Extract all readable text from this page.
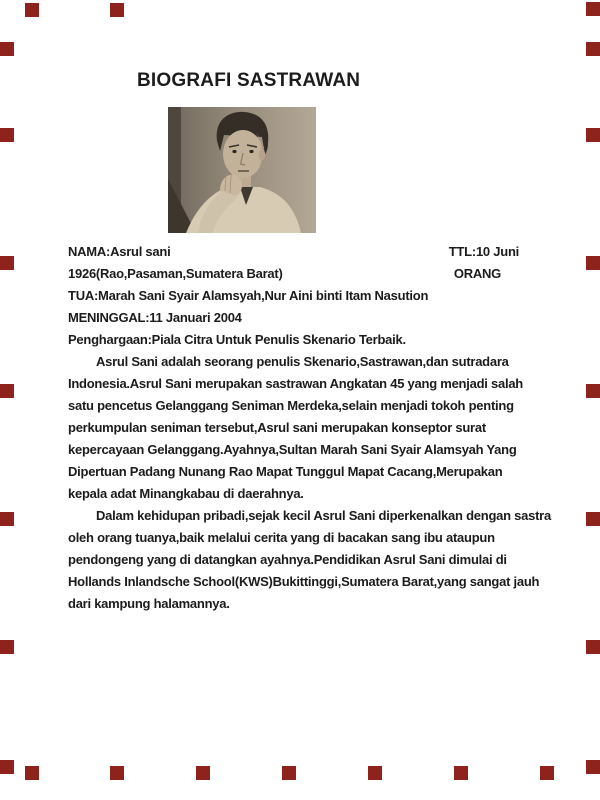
BIOGRAFI SASTRAWAN
NAMA:Asrul sani	TTL:10 Juni
1926(Rao,Pasaman,Sumatera Barat)	ORANG
TUA:Marah Sani Syair Alamsyah,Nur Aini binti Itam Nasution
MENINGGAL:11 Januari 2004
Penghargaan:Piala Citra Untuk Penulis Skenario Terbaik.
Asrul Sani adalah seorang penulis Skenario,Sastrawan,dan sutradara
Indonesia.Asrul Sani merupakan sastrawan Angkatan 45 yang menjadi salah
satu pencetus Gelanggang Seniman Merdeka,selain menjadi tokoh penting
perkumpulan seniman tersebut,Asrul sani merupakan konseptor surat
kepercayaan Gelanggang.Ayahnya,Sultan Marah Sani Syair Alamsyah Yang
Dipertuan Padang Nunang Rao Mapat Tunggul Mapat Cacang,Merupakan
kepala adat Minangkabau di daerahnya.
Dalam kehidupan pribadi,sejak kecil Asrul Sani diperkenalkan dengan sastra
oleh orang tuanya,baik melalui cerita yang di bacakan sang ibu ataupun
pendongeng yang di datangkan ayahnya.Pendidikan Asrul Sani dimulai di
Hollands Inlandsche School(KWS)Bukittinggi,Sumatera Barat,yang sangat jauh
dari kampung halamannya.
